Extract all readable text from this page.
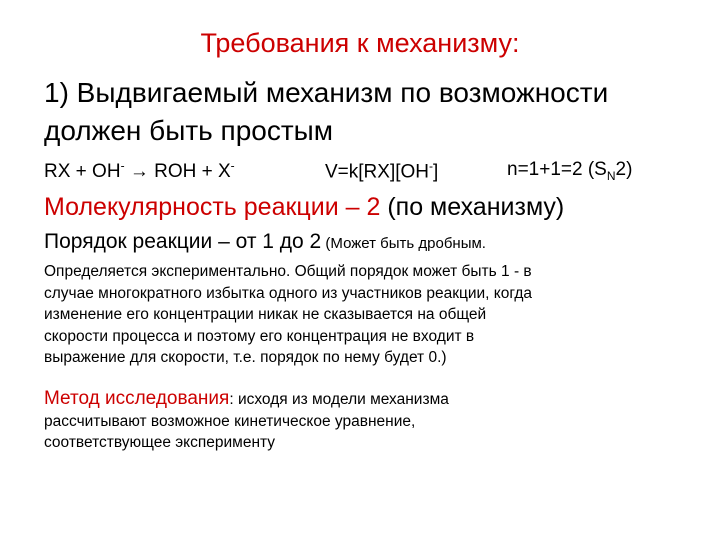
Требования к механизму:
1) Выдвигаемый механизм по возможности
должен быть простым
RX + OH- → ROH + X-	V=k[RX][OH-]	n=1+1=2 $(S_N2)$
Молекулярность реакции – 2 (по механизму)
Порядок реакции – от 1 до 2 (Может быть дробным.
Определяется экспериментально. Общий порядок может быть 1 - в
случае многократного избытка одного из участников реакции, когда
изменение его концентрации никак не сказывается на общей
скорости процесса и поэтому его концентрация не входит в
выражение для скорости, т.е. порядок по нему будет 0.)
Метод исследования: исходя из модели механизма
рассчитывают возможное кинетическое уравнение,
соответствующее эксперименту
